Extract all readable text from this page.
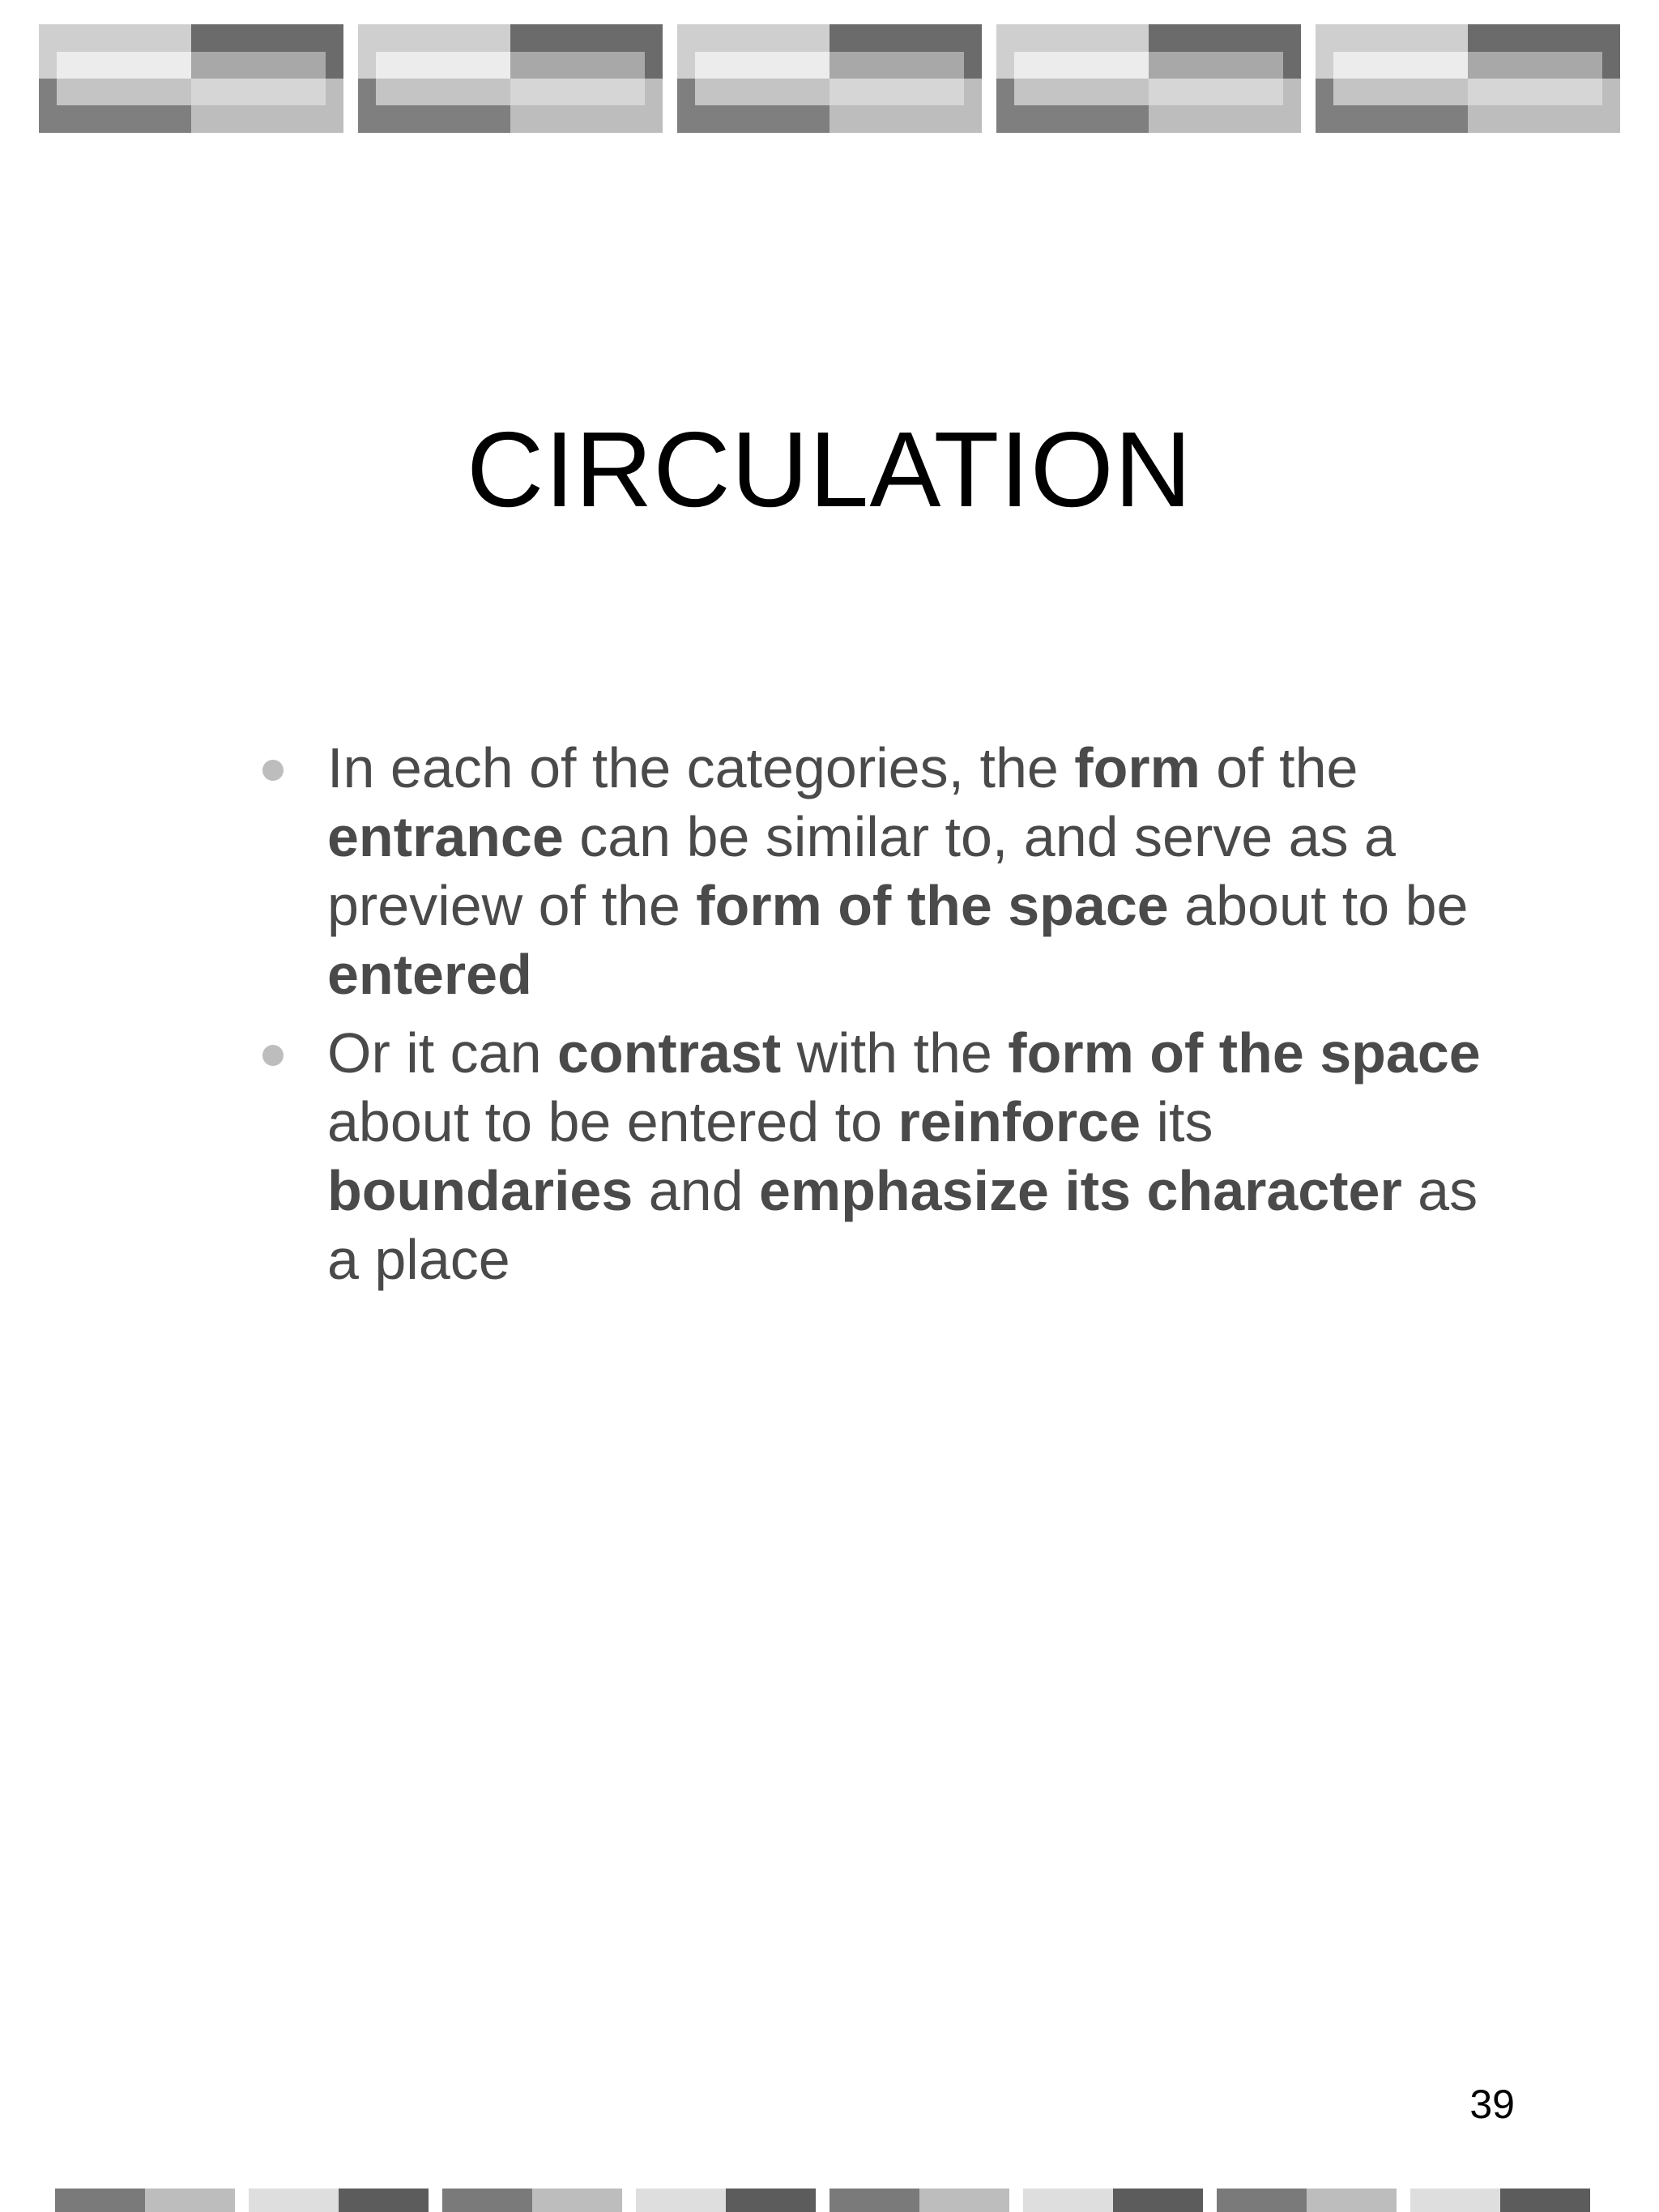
CIRCULATION
In each of the categories, the form of the entrance can be similar to, and serve as a preview of the form of the space about to be entered
Or it can contrast with the form of the space about to be entered to reinforce its boundaries and emphasize its character as a place
39
